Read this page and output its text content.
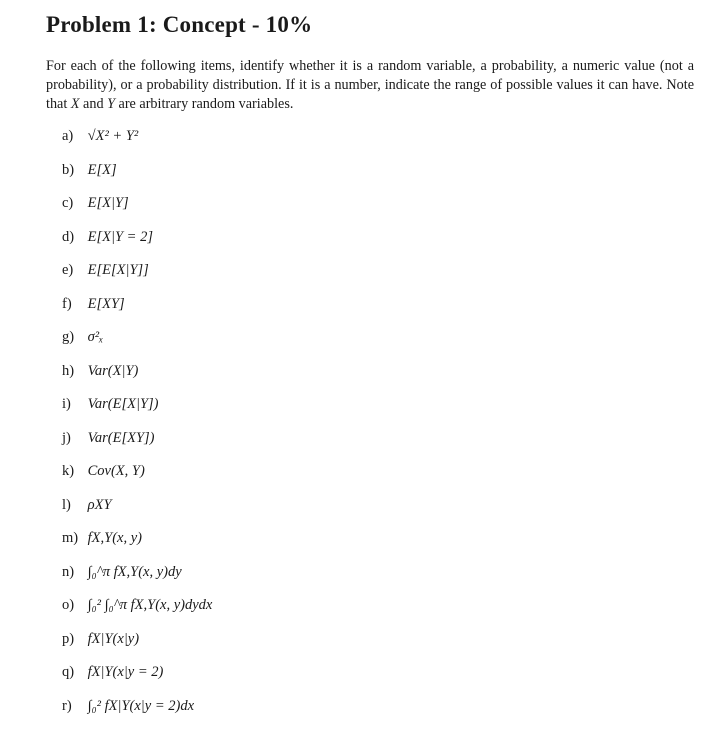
Problem 1: Concept - 10%

For each of the following items, identify whether it is a random variable, a probability, a numeric value (not a probability), or a probability distribution. If it is a number, indicate the range of possible values it can have. Note that X and Y are arbitrary random variables.

a) √X² + Y²
b) E[X]
c) E[X|Y]
d) E[X|Y = 2]
e) E[E[X|Y]]
f) E[XY]
g) σ²ₓ
h) Var(X|Y)
i) Var(E[X|Y])
j) Var(E[XY])
k) Cov(X, Y)
l) ρXY
m) fX,Y(x, y)
n) ∫₀^π fX,Y(x, y)dy
o) ∫₀² ∫₀^π fX,Y(x, y)dydx
p) fX|Y(x|y)
q) fX|Y(x|y = 2)
r) ∫₀² fX|Y(x|y = 2)dx
